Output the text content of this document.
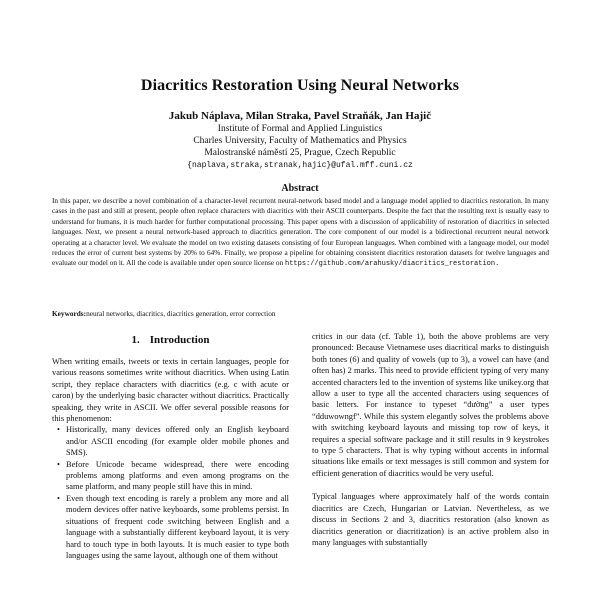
Diacritics Restoration Using Neural Networks
Jakub Náplava, Milan Straka, Pavel Straňák, Jan Hajič
Institute of Formal and Applied Linguistics
Charles University, Faculty of Mathematics and Physics
Malostranské náměstí 25, Prague, Czech Republic
{naplava,straka,stranak,hajic}@ufal.mff.cuni.cz
Abstract

In this paper, we describe a novel combination of a character-level recurrent neural-network based model and a language model applied to diacritics restoration. In many cases in the past and still at present, people often replace characters with diacritics with their ASCII counterparts. Despite the fact that the resulting text is usually easy to understand for humans, it is much harder for further computational processing. This paper opens with a discussion of applicability of restoration of diacritics in selected languages. Next, we present a neural network-based approach to diacritics generation. The core component of our model is a bidirectional recurrent neural network operating at a character level. We evaluate the model on two existing datasets consisting of four European languages. When combined with a language model, our model reduces the error of current best systems by 20% to 64%. Finally, we propose a pipeline for obtaining consistent diacritics restoration datasets for twelve languages and evaluate our model on it. All the code is available under open source license on https://github.com/arahusky/diacritics_restoration.

Keywords:neural networks, diacritics, diacritics generation, error correction

1. Introduction

When writing emails, tweets or texts in certain languages, people for various reasons sometimes write without diacritics. When using Latin script, they replace characters with diacritics (e.g. c with acute or caron) by the underlying basic character without diacritics. Practically speaking, they write in ASCII. We offer several possible reasons for this phenomenon:

• Historically, many devices offered only an English keyboard and/or ASCII encoding (for example older mobile phones and SMS).
• Before Unicode became widespread, there were encoding problems among platforms and even among programs on the same platform, and many people still have this in mind.
• Even though text encoding is rarely a problem any more and all modern devices offer native keyboards, some problems persist. In situations of frequent code switching between English and a language with a substantially different keyboard layout, it is very hard to touch type in both layouts. It is much easier to type both languages using the same layout, although one of them without

critics in our data (cf. Table 1), both the above problems are very pronounced: Because Vietnamese uses diacritical marks to distinguish both tones (6) and quality of vowels (up to 3), a vowel can have (and often has) 2 marks. This need to provide efficient typing of very many accented characters led to the invention of systems like unikey.org that allow a user to type all the accented characters using sequences of basic letters. For instance to typeset “đường” a user types “dduwowngf”. While this system elegantly solves the problems above with switching keyboard layouts and missing top row of keys, it requires a special software package and it still results in 9 keystrokes to type 5 characters. That is why typing without accents in informal situations like emails or text messages is still common and system for efficient generation of diacritics would be very useful.

Typical languages where approximately half of the words contain diacritics are Czech, Hungarian or Latvian. Nevertheless, as we discuss in Sections 2 and 3, diacritics restoration (also known as diacritics generation or diacritization) is an active problem also in many languages with substantially
